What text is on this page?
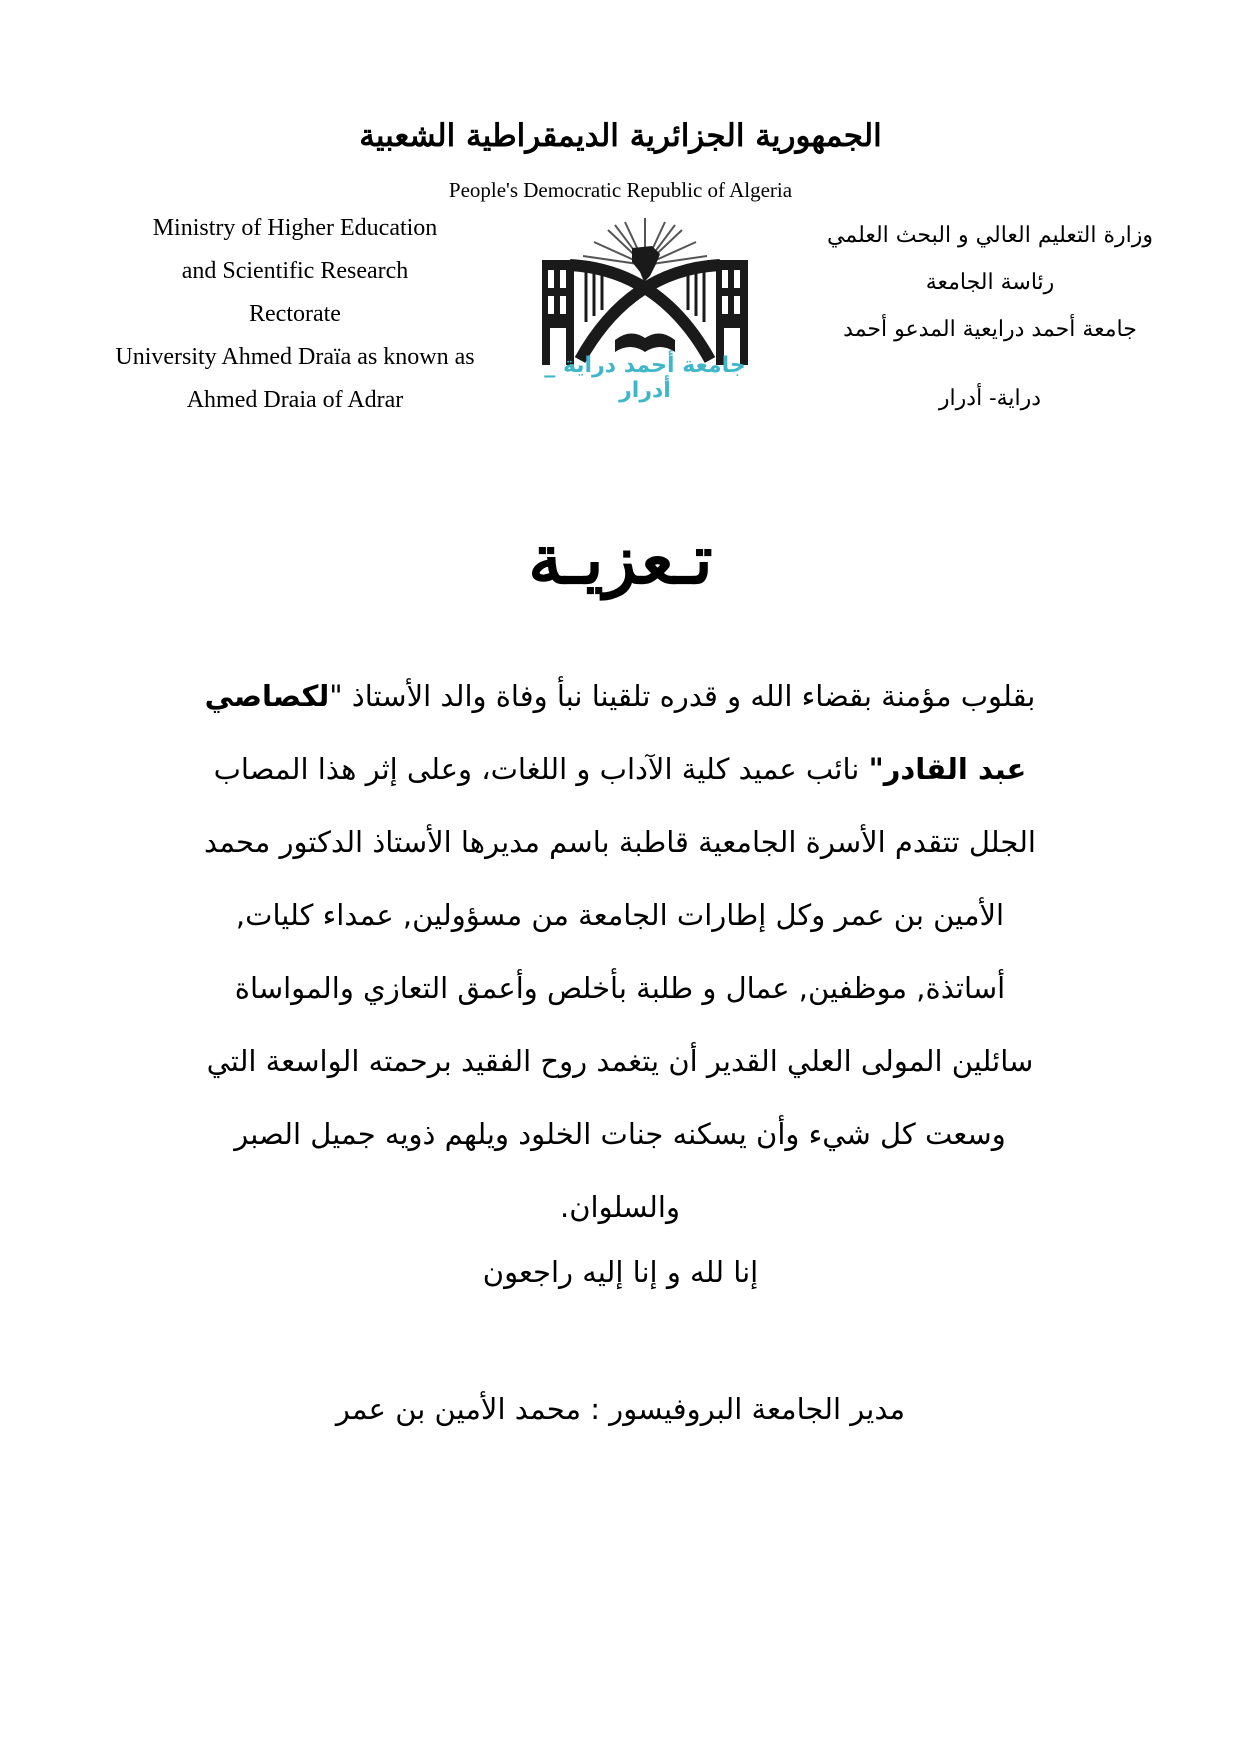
الجمهورية الجزائرية الديمقراطية الشعبية
People's Democratic Republic of Algeria
Ministry of Higher Education
and Scientific Research
Rectorate
University Ahmed Draïa as known as
Ahmed Draia of Adrar
وزارة التعليم العالي و البحث العلمي
رئاسة الجامعة
جامعة أحمد درايعية المدعو أحمد
دراية- أدرار
جامعة أحمد دراية _ أدرار
تـعزيـة
بقلوب مؤمنة بقضاء الله و قدره تلقينا نبأ وفاة والد الأستاذ "لكصاصي
عبد القادر" نائب عميد كلية الآداب و اللغات، وعلى إثر هذا المصاب
الجلل تتقدم الأسرة الجامعية قاطبة باسم مديرها الأستاذ الدكتور محمد
الأمين بن عمر وكل إطارات الجامعة من مسؤولين, عمداء كليات,
أساتذة, موظفين, عمال و طلبة بأخلص وأعمق التعازي والمواساة
سائلين المولى العلي القدير أن يتغمد روح الفقيد برحمته الواسعة التي
وسعت كل شيء وأن يسكنه جنات الخلود ويلهم ذويه جميل الصبر
والسلوان.
إنا لله و إنا إليه راجعون
مدير الجامعة البروفيسور : محمد الأمين بن عمر
